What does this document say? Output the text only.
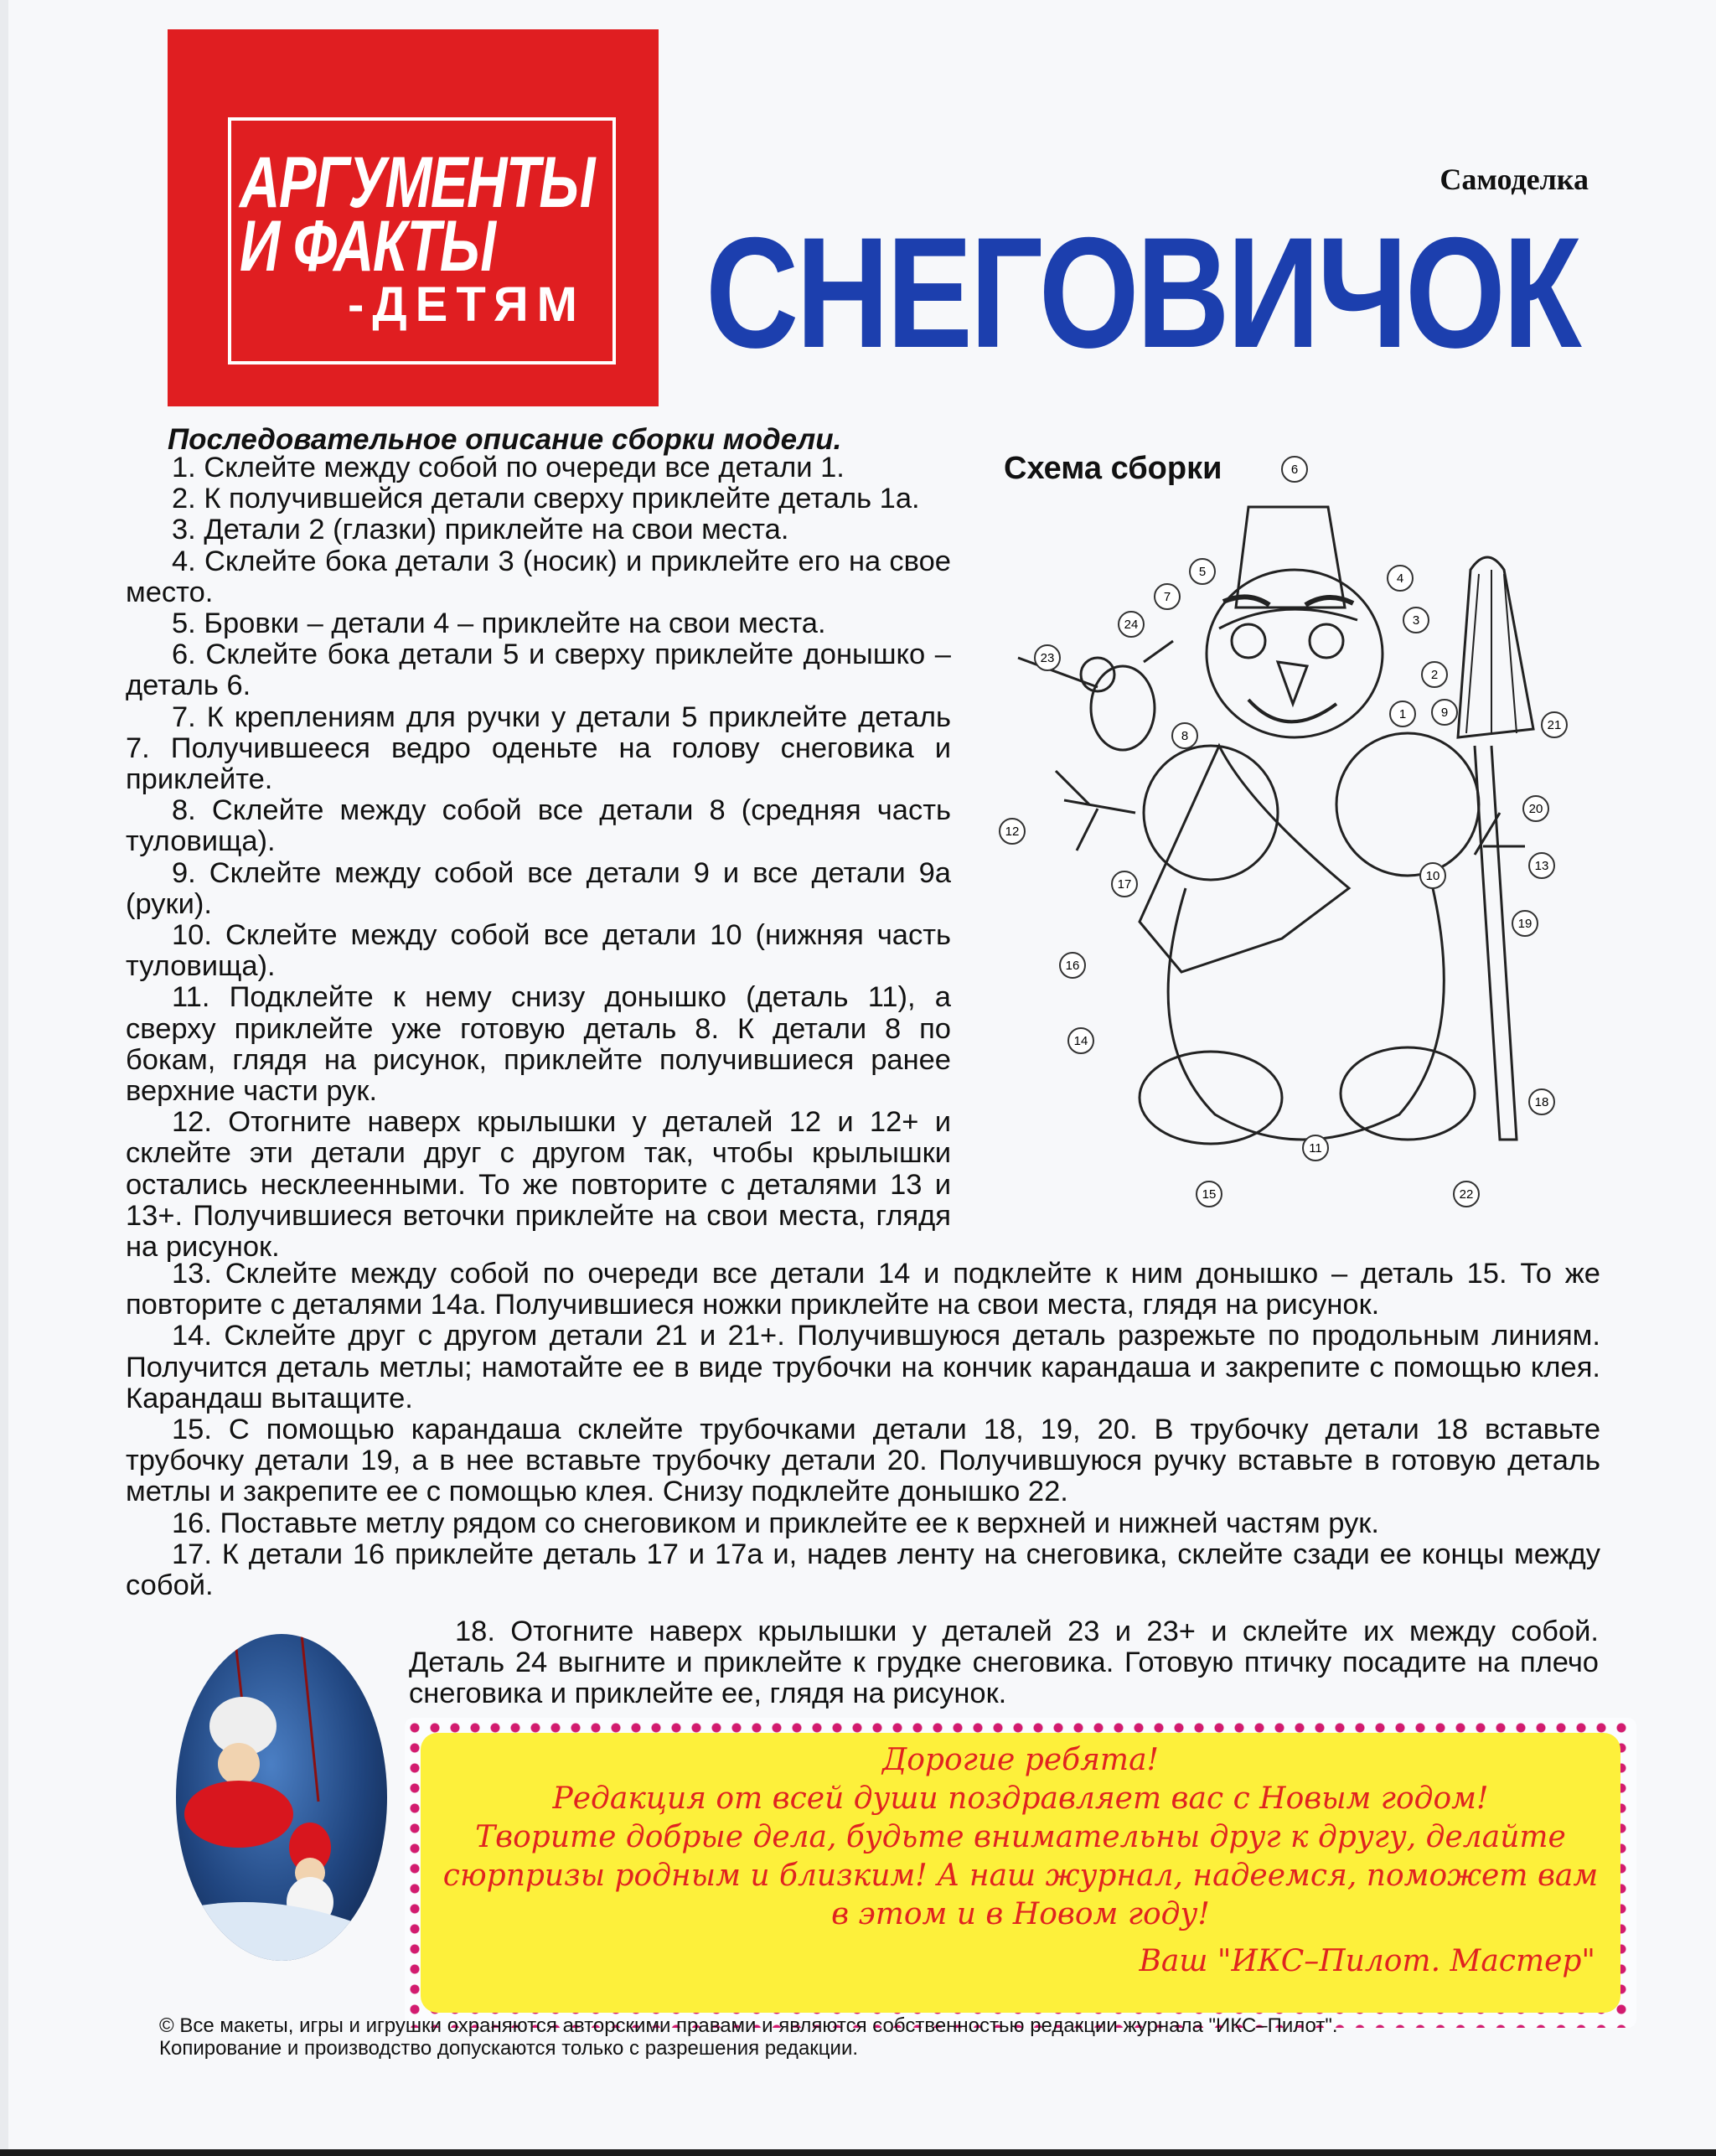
АРГУМЕНТЫ
И ФАКТЫ
-ДЕТЯМ
Самоделка
СНЕГОВИЧОК
Последовательное описание сборки модели.
Схема сборки

1. Склейте между собой по очереди все детали 1.

2. К получившейся детали сверху приклейте деталь 1а.

3. Детали 2 (глазки) приклейте на свои места.

4. Склейте бока детали 3 (носик) и приклейте его на свое место.

5. Бровки – детали 4 – приклейте на свои места.

6. Склейте бока детали 5 и сверху приклейте донышко – деталь 6.

7. К креплениям для ручки у детали 5 приклейте деталь 7. Получившееся ведро оденьте на голову снеговика и приклейте.

8. Склейте между собой все детали 8 (средняя часть туловища).

9. Склейте между собой все детали 9 и все детали 9а (руки).

10. Склейте между собой все детали 10 (нижняя часть туловища).

11. Подклейте к нему снизу донышко (деталь 11), а сверху приклейте уже готовую деталь 8. К детали 8 по бокам, глядя на рисунок, приклейте получившиеся ранее верхние части рук.

12. Отогните наверх крылышки у деталей 12 и 12+ и склейте эти детали друг с другом так, чтобы крылышки остались несклеенными. То же повторите с деталями 13 и 13+. Получившиеся веточки приклейте на свои места, глядя на рисунок.

13. Склейте между собой по очереди все детали 14 и подклейте к ним донышко – деталь 15. То же повторите с деталями 14а. Получившиеся ножки приклейте на свои места, глядя на рисунок.

14. Склейте друг с другом детали 21 и 21+. Получившуюся деталь разрежьте по продольным линиям. Получится деталь метлы; намотайте ее в виде трубочки на кончик карандаша и закрепите с помощью клея. Карандаш вытащите.

15. С помощью карандаша склейте трубочками детали 18, 19, 20. В трубочку детали 18 вставьте трубочку детали 19, а в нее вставьте трубочку детали 20. Получившуюся ручку вставьте в готовую деталь метлы и закрепите ее с помощью клея. Снизу подклейте донышко 22.

16. Поставьте метлу рядом со снеговиком и приклейте ее к верхней и нижней частям рук.

17. К детали 16 приклейте деталь 17 и 17а и, надев ленту на снеговика, склейте сзади ее концы между собой.

18. Отогните наверх крылышки у деталей 23 и 23+ и склейте их между собой. Деталь 24 выгните и приклейте к грудке снеговика. Готовую птичку посадите на плечо снеговика и приклейте ее, глядя на рисунок.

6
5	4
7
3
24
23
2
1	9
21
8
20
12
13
10
17
19
16
14
18
11
15	22
Дорогие ребята!
Редакция от всей души поздравляет вас с Новым годом!
Творите добрые дела, будьте внимательны друг к другу, делайте
сюрпризы родным и близким! А наш журнал, надеемся, поможет вам
в этом и в Новом году!
Ваш "ИКС–Пилот. Мастер"

© Все макеты, игры и игрушки охраняются авторскими правами и являются собственностью редакции журнала "ИКС–Пилот".

Копирование и производство допускаются только с разрешения редакции.
